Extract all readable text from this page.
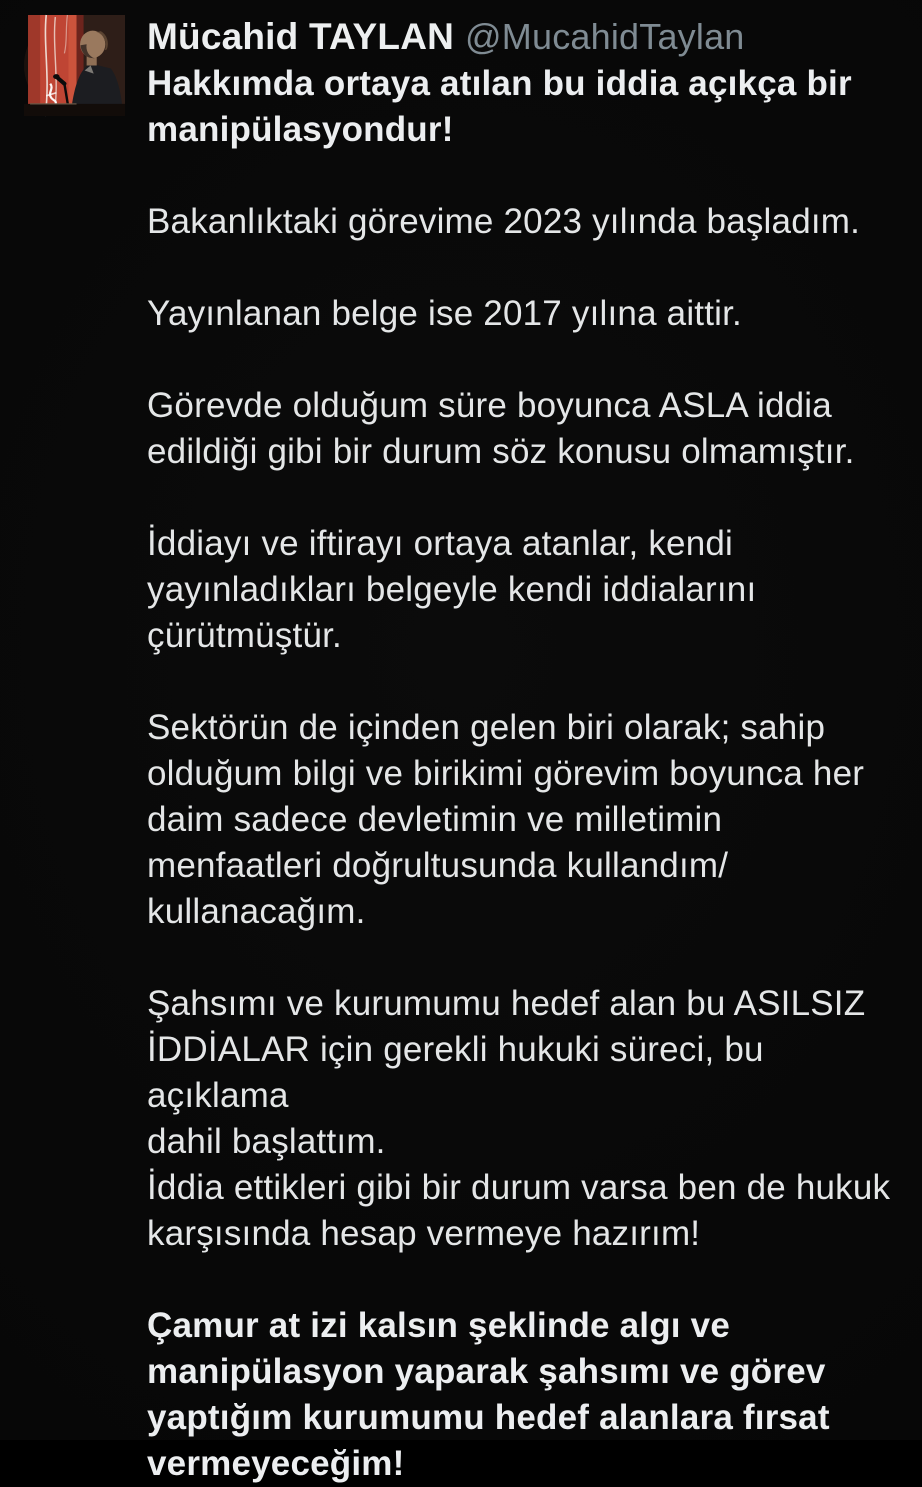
Mücahid TAYLAN @MucahidTaylan
Hakkımda ortaya atılan bu iddia açıkça bir
manipülasyondur!
Bakanlıktaki görevime 2023 yılında başladım.
Yayınlanan belge ise 2017 yılına aittir.
Görevde olduğum süre boyunca ASLA iddia
edildiği gibi bir durum söz konusu olmamıştır.
İddiayı ve iftirayı ortaya atanlar, kendi
yayınladıkları belgeyle kendi iddialarını
çürütmüştür.
Sektörün de içinden gelen biri olarak; sahip
olduğum bilgi ve birikimi görevim boyunca her
daim sadece devletimin ve milletimin
menfaatleri doğrultusunda kullandım/
kullanacağım.
Şahsımı ve kurumumu hedef alan bu ASILSIZ
İDDİALAR için gerekli hukuki süreci, bu açıklama
dahil başlattım.
İddia ettikleri gibi bir durum varsa ben de hukuk
karşısında hesap vermeye hazırım!
Çamur at izi kalsın şeklinde algı ve
manipülasyon yaparak şahsımı ve görev
yaptığım kurumumu hedef alanlara fırsat
vermeyeceğim!
